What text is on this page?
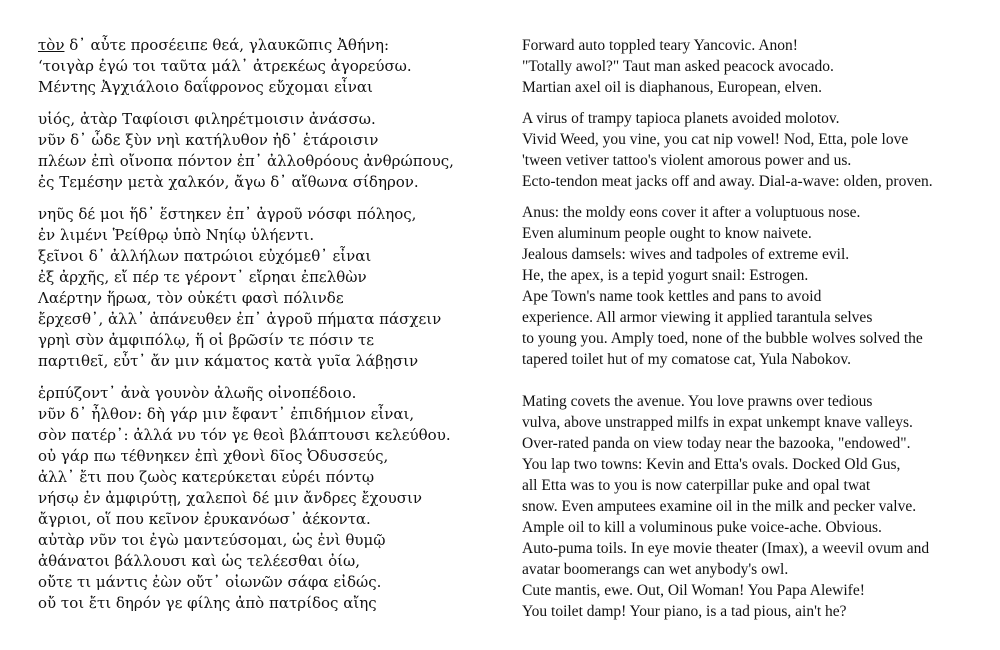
τὸν δ᾽ αὖτε προσέειπε θεά, γλαυκῶπις Ἀθήνη:
‘τοιγὰρ ἐγώ τοι ταῦτα μάλ᾽ ἀτρεκέως ἀγορεύσω.
Μέντης Ἀγχιάλοιο δαΐφρονος εὔχομαι εἶναι
υἱός, ἀτὰρ Ταφίοισι φιληρέτμοισιν ἀνάσσω.
νῦν δ᾽ ὧδε ξὺν νηὶ κατήλυθον ἠδ᾽ ἑτάροισιν
πλέων ἐπὶ οἴνοπα πόντον ἐπ᾽ ἀλλοθρόους ἀνθρώπους,
ἐς Τεμέσην μετὰ χαλκόν, ἄγω δ᾽ αἴθωνα σίδηρον.
νηῦς δέ μοι ἥδ᾽ ἕστηκεν ἐπ᾽ ἀγροῦ νόσφι πόληος,
ἐν λιμένι Ῥείθρῳ ὑπὸ Νηίῳ ὑλήεντι.
ξεῖνοι δ᾽ ἀλλήλων πατρώιοι εὐχόμεθ᾽ εἶναι
ἐξ ἀρχῆς, εἴ πέρ τε γέροντ᾽ εἴρηαι ἐπελθὼν
Λαέρτην ἥρωα, τὸν οὐκέτι φασὶ πόλινδε
ἔρχεσθ᾽, ἀλλ᾽ ἀπάνευθεν ἐπ᾽ ἀγροῦ πήματα πάσχειν
γρηὶ σὺν ἀμφιπόλῳ, ἥ οἱ βρῶσίν τε πόσιν τε
παρτιθεῖ, εὖτ᾽ ἄν μιν κάματος κατὰ γυῖα λάβῃσιν
ἑρπύζοντ᾽ ἀνὰ γουνὸν ἀλωῆς οἰνοπέδοιο.
νῦν δ᾽ ἦλθον: δὴ γάρ μιν ἔφαντ᾽ ἐπιδήμιον εἶναι,
σὸν πατέρ᾽: ἀλλά νυ τόν γε θεοὶ βλάπτουσι κελεύθου.
οὐ γάρ πω τέθνηκεν ἐπὶ χθονὶ δῖος Ὀδυσσεύς,
ἀλλ᾽ ἔτι που ζωὸς κατερύκεται εὐρέι πόντῳ
νήσῳ ἐν ἀμφιρύτῃ, χαλεποὶ δέ μιν ἄνδρες ἔχουσιν
ἄγριοι, οἵ που κεῖνον ἐρυκανόωσ᾽ ἀέκοντα.
αὐτὰρ νῦν τοι ἐγὼ μαντεύσομαι, ὡς ἐνὶ θυμῷ
ἀθάνατοι βάλλουσι καὶ ὡς τελέεσθαι ὀίω,
οὔτε τι μάντις ἐὼν οὔτ᾽ οἰωνῶν σάφα εἰδώς.
οὔ τοι ἔτι δηρόν γε φίλης ἀπὸ πατρίδος αἴης
Forward auto toppled teary Yancovic. Anon!
"Totally awol?" Taut man asked peacock avocado.
Martian axel oil is diaphanous, European, elven.
A virus of trampy tapioca planets avoided molotov.
Vivid Weed, you vine, you cat nip vowel! Nod, Etta, pole love
'tween vetiver tattoo's violent amorous power and us.
Ecto-tendon meat jacks off and away. Dial-a-wave: olden, proven.
Anus: the moldy eons cover it after a voluptuous nose.
Even aluminum people ought to know naivete.
Jealous damsels: wives and tadpoles of extreme evil.
He, the apex, is a tepid yogurt snail: Estrogen.
Ape Town's name took kettles and pans to avoid
experience. All armor viewing it applied tarantula selves
to young you. Amply toed, none of the bubble wolves solved the
tapered toilet hut of my comatose cat, Yula Nabokov.
Mating covets the avenue. You love prawns over tedious
vulva, above unstrapped milfs in expat unkempt knave valleys.
Over-rated panda on view today near the bazooka, "endowed".
You lap two towns: Kevin and Etta's ovals. Docked Old Gus,
all Etta was to you is now caterpillar puke and opal twat
snow. Even amputees examine oil in the milk and pecker valve.
Ample oil to kill a voluminous puke voice-ache. Obvious.
Auto-puma toils. In eye movie theater (Imax), a weevil ovum and
avatar boomerangs can wet anybody's owl.
Cute mantis, ewe. Out, Oil Woman! You Papa Alewife!
You toilet damp! Your piano, is a tad pious, ain't he?
